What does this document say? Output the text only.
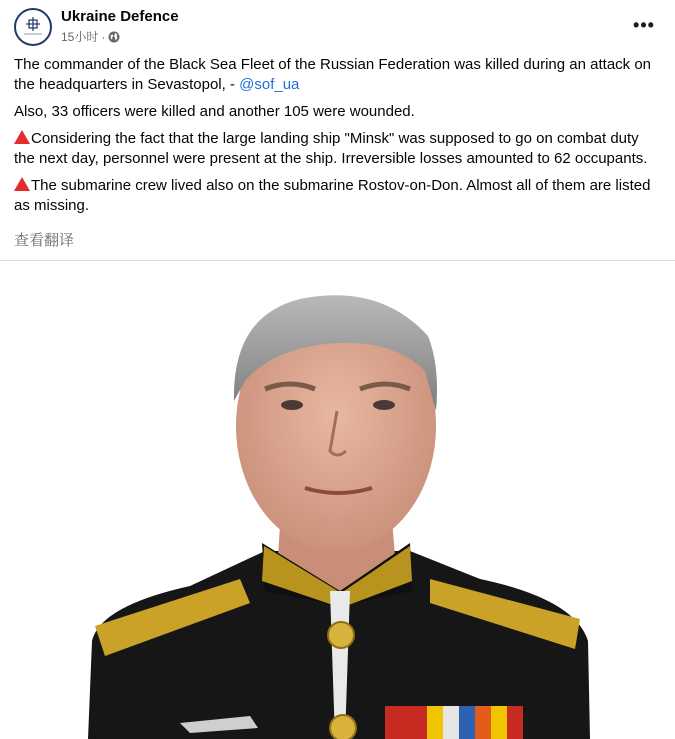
Ukraine Defence
15小时 ·
•••

The commander of the Black Sea Fleet of the Russian Federation was killed during an attack on the headquarters in Sevastopol, - @sof_ua

Also, 33 officers were killed and another 105 were wounded.

Considering the fact that the large landing ship "Minsk" was supposed to go on combat duty the next day, personnel were present at the ship. Irreversible losses amounted to 62 occupants.

The submarine crew lived also on the submarine Rostov-on-Don. Almost all of them are listed as missing.

查看翻译
